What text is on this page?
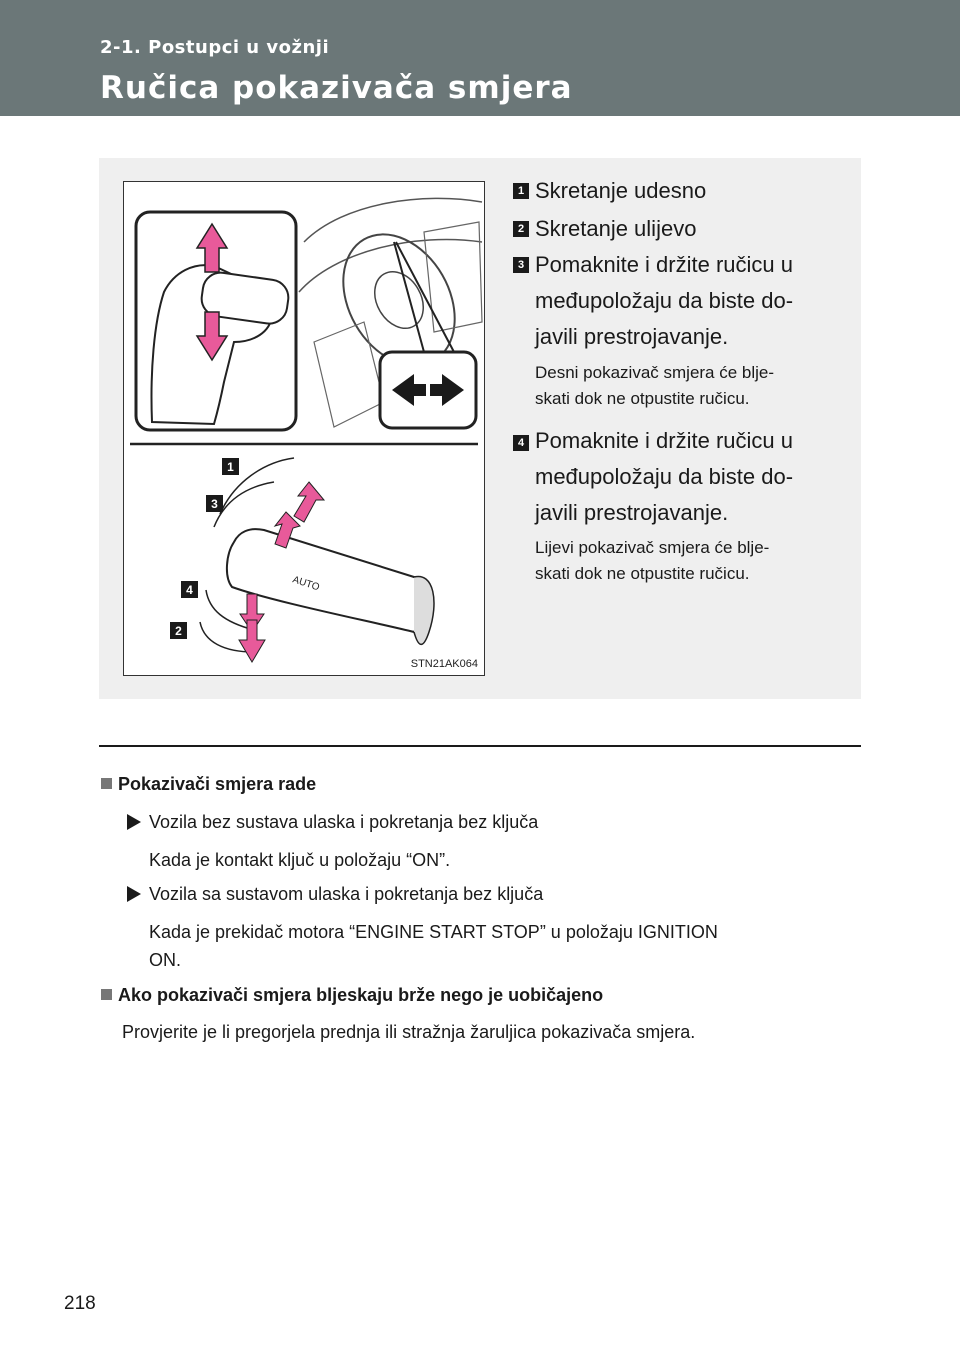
2-1. Postupci u vožnji
Ručica pokazivača smjera
AUTO
1
3
4
2
STN21AK064
1 Skretanje udesno
2 Skretanje ulijevo
3 Pomaknite i držite ručicu u
međupoložaju da biste do-
javili prestrojavanje.
Desni pokazivač smjera će blje-
skati dok ne otpustite ručicu.
4 Pomaknite i držite ručicu u
međupoložaju da biste do-
javili prestrojavanje.
Lijevi pokazivač smjera će blje-
skati dok ne otpustite ručicu.
Pokazivači smjera rade
Vozila bez sustava ulaska i pokretanja bez ključa
Kada je kontakt ključ u položaju “ON”.
Vozila sa sustavom ulaska i pokretanja bez ključa
Kada je prekidač motora “ENGINE START STOP” u položaju IGNITION
ON.
Ako pokazivači smjera bljeskaju brže nego je uobičajeno
Provjerite je li pregorjela prednja ili stražnja žaruljica pokazivača smjera.
218
